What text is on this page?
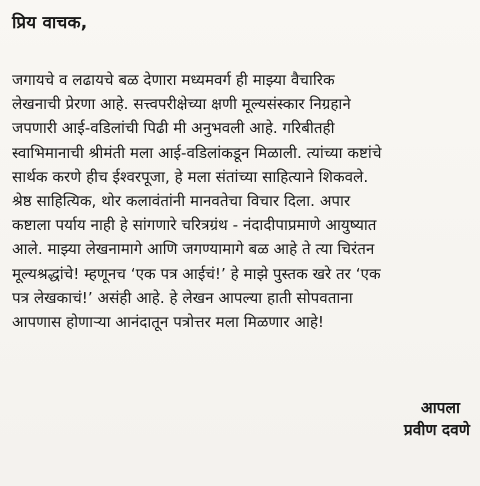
प्रिय वाचक,
जगायचे व लढायचे बळ देणारा मध्यमवर्ग ही माझ्या वैचारिक
लेखनाची प्रेरणा आहे. सत्त्वपरीक्षेच्या क्षणी मूल्यसंस्कार निग्रहाने
जपणारी आई-वडिलांची पिढी मी अनुभवली आहे. गरिबीतही
स्वाभिमानाची श्रीमंती मला आई-वडिलांकडून मिळाली. त्यांच्या कष्टांचे
सार्थक करणे हीच ईश्वरपूजा, हे मला संतांच्या साहित्याने शिकवले.
श्रेष्ठ साहित्यिक, थोर कलावंतांनी मानवतेचा विचार दिला. अपार
कष्टाला पर्याय नाही हे सांगणारे चरित्रग्रंथ - नंदादीपाप्रमाणे आयुष्यात
आले. माझ्या लेखनामागे आणि जगण्यामागे बळ आहे ते त्या चिरंतन
मूल्यश्रद्धांचे! म्हणूनच ‘एक पत्र आईचं!’ हे माझे पुस्तक खरे तर ‘एक
पत्र लेखकाचं!’ असंही आहे. हे लेखन आपल्या हाती सोपवताना
आपणास होणाऱ्या आनंदातून पत्रोत्तर मला मिळणार आहे!
आपला
प्रवीण दवणे
